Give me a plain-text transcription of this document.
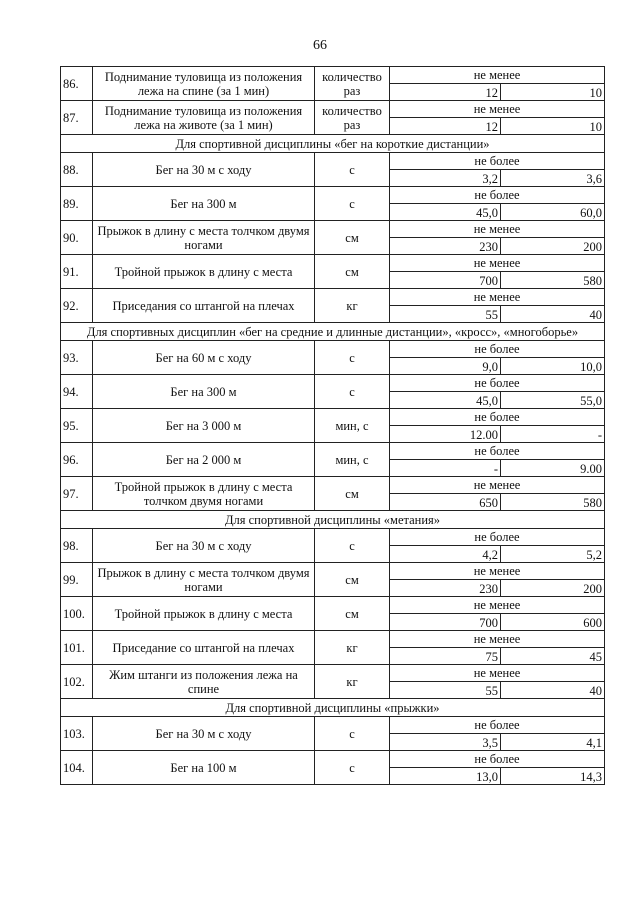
66
86.	Поднимание туловища из положения лежа на спине (за 1 мин)	количество раз	не менее	
			12	10
87.	Поднимание туловища из положения лежа на животе (за 1 мин)	количество раз	не менее	
			12	10
Для спортивной дисциплины «бег на короткие дистанции»				
88.	Бег на 30 м с ходу	с	не более	
			3,2	3,6
89.	Бег на 300 м	с	не более	
			45,0	60,0
90.	Прыжок в длину с места толчком двумя ногами	см	не менее	
			230	200
91.	Тройной прыжок в длину с места	см	не менее	
			700	580
92.	Приседания со штангой на плечах	кг	не менее	
			55	40
Для спортивных дисциплин «бег на средние и длинные дистанции», «кросс», «многоборье»				
93.	Бег на 60 м с ходу	с	не более	
			9,0	10,0
94.	Бег на 300 м	с	не более	
			45,0	55,0
95.	Бег на 3 000 м	мин, с	не более	
			12.00	-
96.	Бег на 2 000 м	мин, с	не более	
			-	9.00
97.	Тройной прыжок в длину с места толчком двумя ногами	см	не менее	
			650	580
Для спортивной дисциплины «метания»				
98.	Бег на 30 м с ходу	с	не более	
			4,2	5,2
99.	Прыжок в длину с места толчком двумя ногами	см	не менее	
			230	200
100.	Тройной прыжок в длину с места	см	не менее	
			700	600
101.	Приседание со штангой на плечах	кг	не менее	
			75	45
102.	Жим штанги из положения лежа на спине	кг	не менее	
			55	40
Для спортивной дисциплины «прыжки»				
103.	Бег на 30 м с ходу	с	не более	
			3,5	4,1
104.	Бег на 100 м	с	не более	
			13,0	14,3
